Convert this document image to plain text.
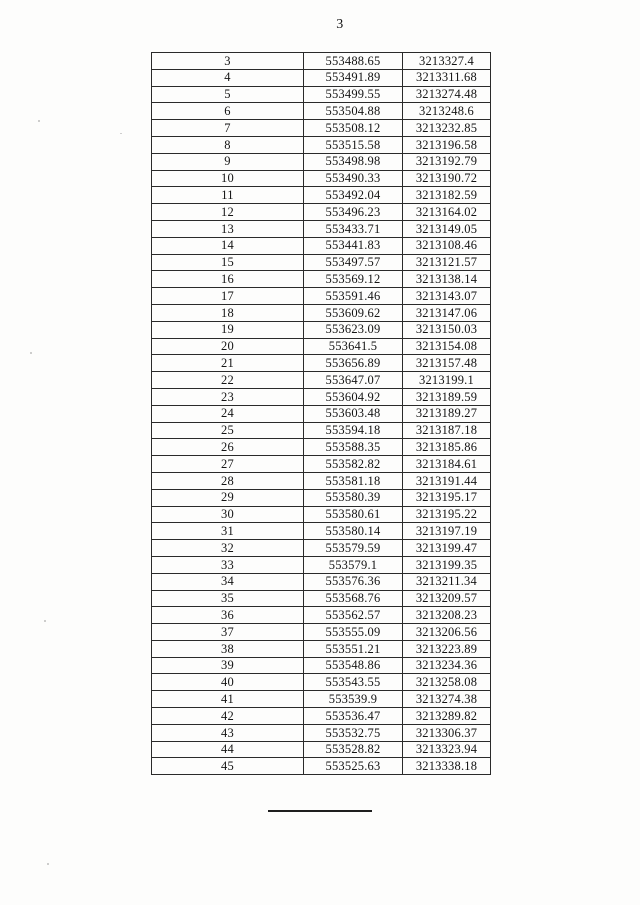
3
3	553488.65	3213327.4
4	553491.89	3213311.68
5	553499.55	3213274.48
6	553504.88	3213248.6
7	553508.12	3213232.85
8	553515.58	3213196.58
9	553498.98	3213192.79
10	553490.33	3213190.72
11	553492.04	3213182.59
12	553496.23	3213164.02
13	553433.71	3213149.05
14	553441.83	3213108.46
15	553497.57	3213121.57
16	553569.12	3213138.14
17	553591.46	3213143.07
18	553609.62	3213147.06
19	553623.09	3213150.03
20	553641.5	3213154.08
21	553656.89	3213157.48
22	553647.07	3213199.1
23	553604.92	3213189.59
24	553603.48	3213189.27
25	553594.18	3213187.18
26	553588.35	3213185.86
27	553582.82	3213184.61
28	553581.18	3213191.44
29	553580.39	3213195.17
30	553580.61	3213195.22
31	553580.14	3213197.19
32	553579.59	3213199.47
33	553579.1	3213199.35
34	553576.36	3213211.34
35	553568.76	3213209.57
36	553562.57	3213208.23
37	553555.09	3213206.56
38	553551.21	3213223.89
39	553548.86	3213234.36
40	553543.55	3213258.08
41	553539.9	3213274.38
42	553536.47	3213289.82
43	553532.75	3213306.37
44	553528.82	3213323.94
45	553525.63	3213338.18
